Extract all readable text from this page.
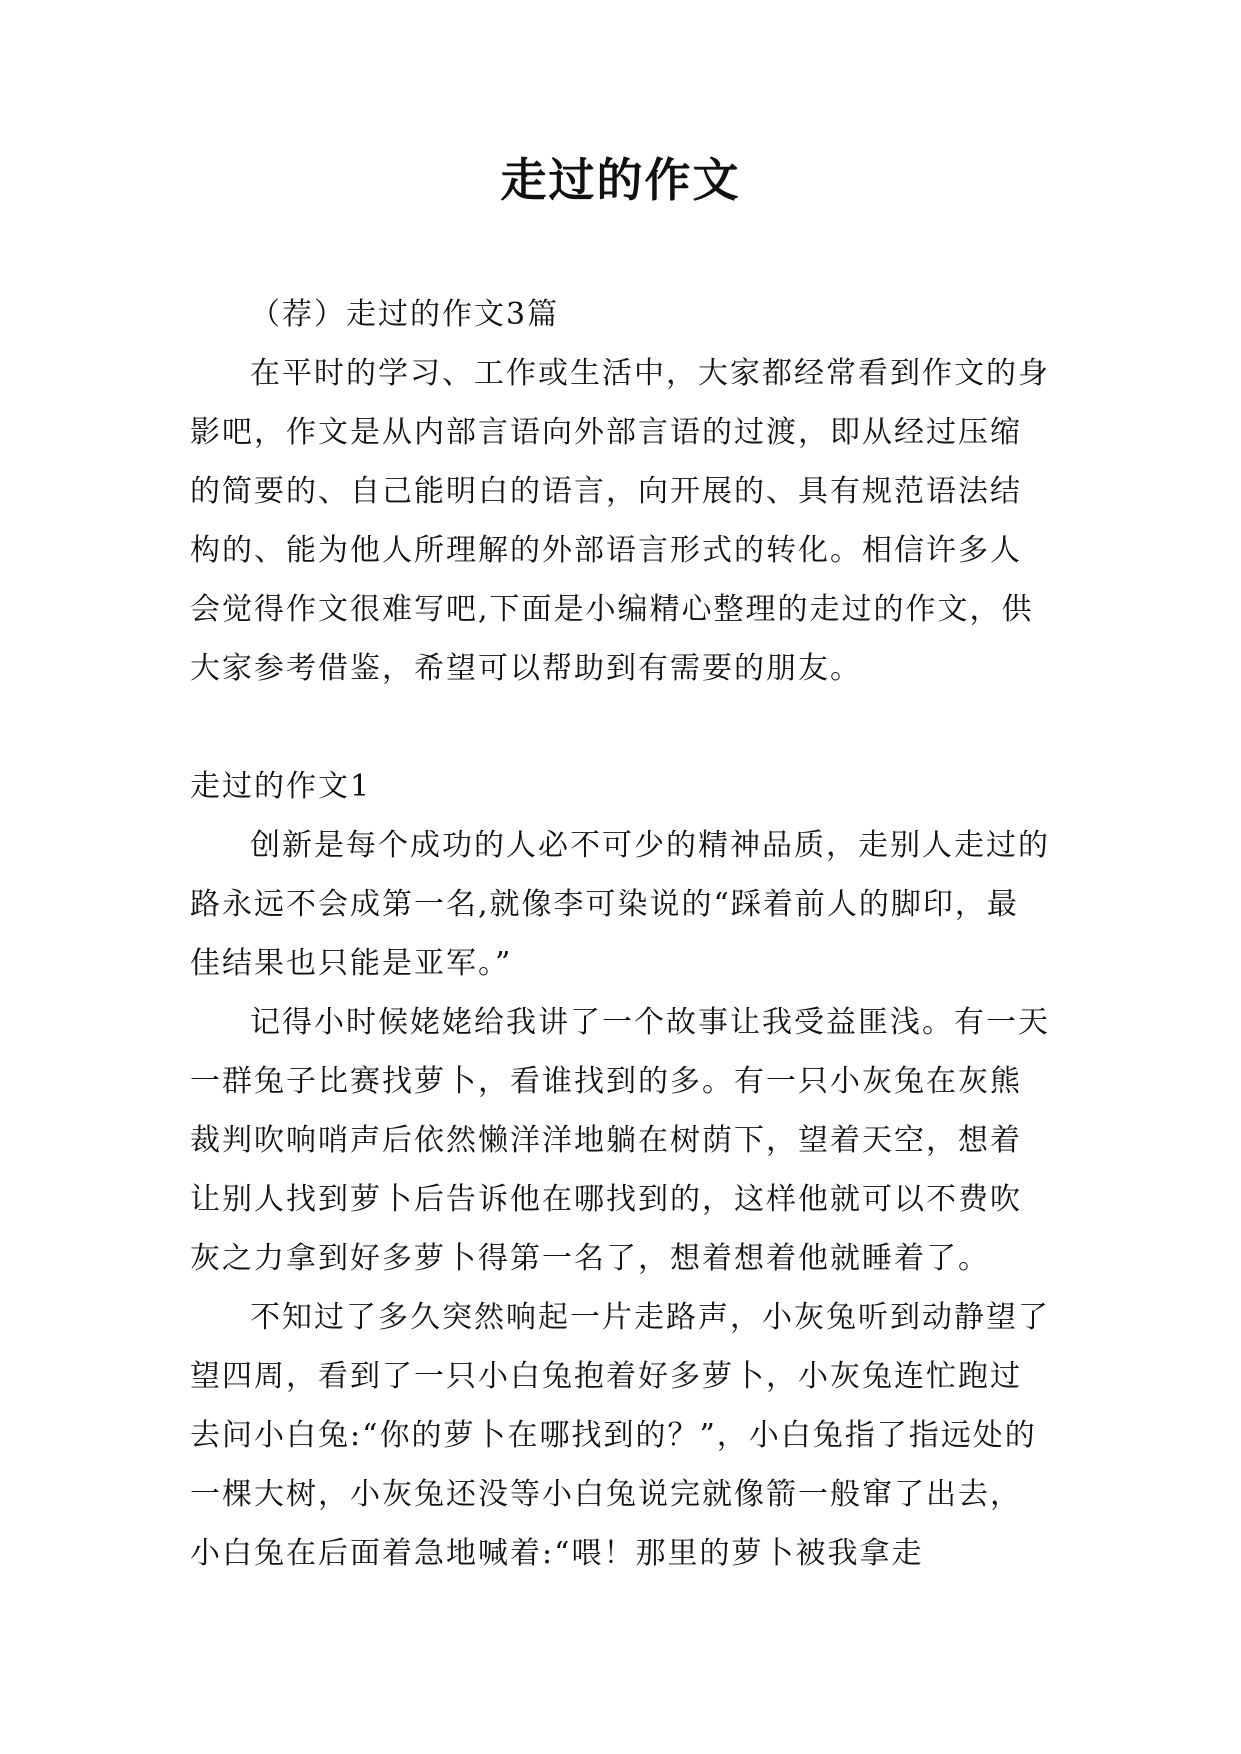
走过的作文

（荐）走过的作文3篇

在平时的学习、工作或生活中，大家都经常看到作文的身影吧，作文是从内部言语向外部言语的过渡，即从经过压缩的简要的、自己能明白的语言，向开展的、具有规范语法结构的、能为他人所理解的外部语言形式的转化。相信许多人会觉得作文很难写吧,下面是小编精心整理的走过的作文，供大家参考借鉴，希望可以帮助到有需要的朋友。

走过的作文1

创新是每个成功的人必不可少的精神品质，走别人走过的路永远不会成第一名,就像李可染说的“踩着前人的脚印，最佳结果也只能是亚军。”

记得小时候姥姥给我讲了一个故事让我受益匪浅。有一天一群兔子比赛找萝卜，看谁找到的多。有一只小灰兔在灰熊裁判吹响哨声后依然懒洋洋地躺在树荫下，望着天空，想着让别人找到萝卜后告诉他在哪找到的，这样他就可以不费吹灰之力拿到好多萝卜得第一名了，想着想着他就睡着了。

不知过了多久突然响起一片走路声，小灰兔听到动静望了望四周，看到了一只小白兔抱着好多萝卜，小灰兔连忙跑过去问小白兔:“你的萝卜在哪找到的？”，小白兔指了指远处的一棵大树，小灰兔还没等小白兔说完就像箭一般窜了出去，小白兔在后面着急地喊着:“喂！那里的萝卜被我拿走
